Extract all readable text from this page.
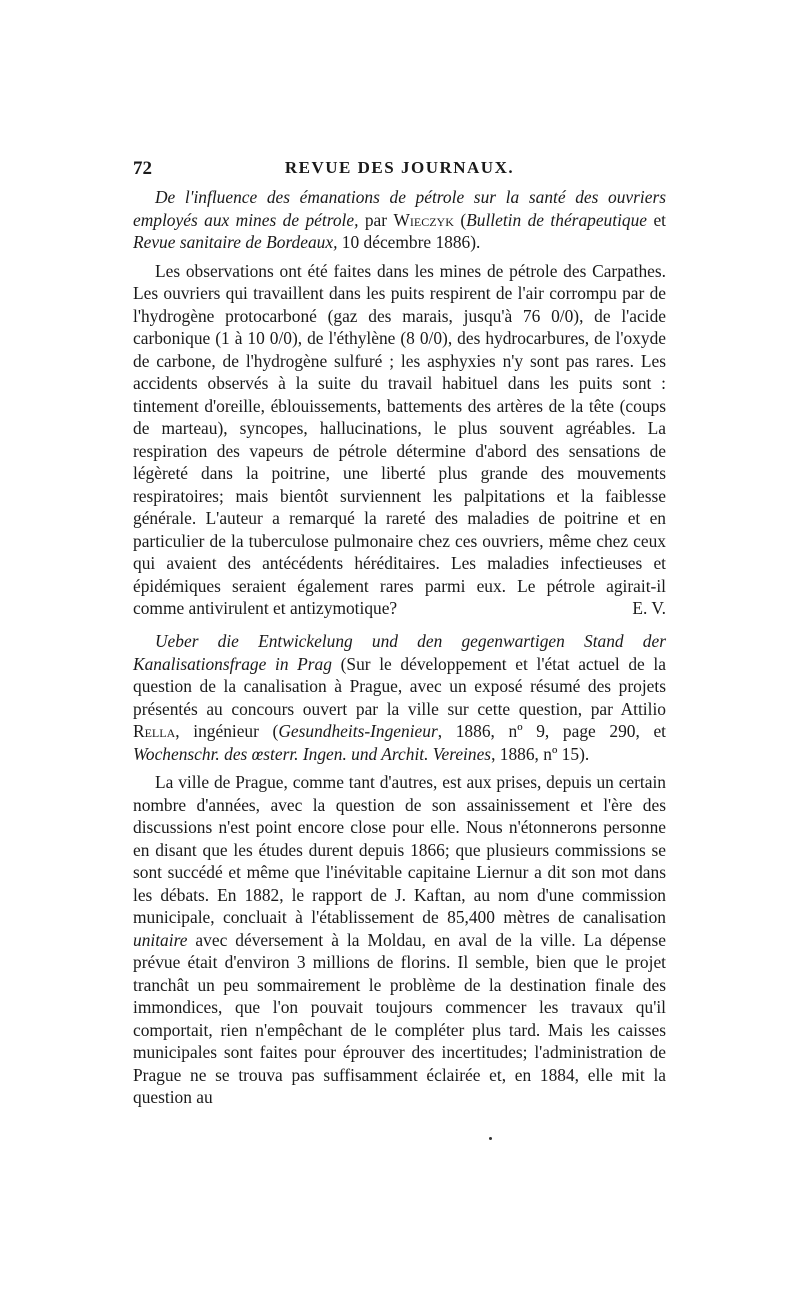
72	REVUE DES JOURNAUX.

De l'influence des émanations de pétrole sur la santé des ouvriers employés aux mines de pétrole, par Wieczyk (Bulletin de thérapeutique et Revue sanitaire de Bordeaux, 10 décembre 1886).

Les observations ont été faites dans les mines de pétrole des Carpathes. Les ouvriers qui travaillent dans les puits respirent de l'air corrompu par de l'hydrogène protocarboné (gaz des marais, jusqu'à 76 0/0), de l'acide carbonique (1 à 10 0/0), de l'éthylène (8 0/0), des hydrocarbures, de l'oxyde de carbone, de l'hydrogène sulfuré ; les asphyxies n'y sont pas rares. Les accidents observés à la suite du travail habituel dans les puits sont : tintement d'oreille, éblouissements, battements des artères de la tête (coups de marteau), syncopes, hallucinations, le plus souvent agréables. La respiration des vapeurs de pétrole détermine d'abord des sensations de légèreté dans la poitrine, une liberté plus grande des mouvements respiratoires; mais bientôt surviennent les palpitations et la faiblesse générale. L'auteur a remarqué la rareté des maladies de poitrine et en particulier de la tuberculose pulmonaire chez ces ouvriers, même chez ceux qui avaient des antécédents héréditaires. Les maladies infectieuses et épidémiques seraient également rares parmi eux. Le pétrole agirait-il comme antivirulent et antizymotique?	E. V.

Ueber die Entwickelung und den gegenwartigen Stand der Kanalisationsfrage in Prag (Sur le développement et l'état actuel de la question de la canalisation à Prague, avec un exposé résumé des projets présentés au concours ouvert par la ville sur cette question, par Attilio Rella, ingénieur (Gesundheits-Ingenieur, 1886, nº 9, page 290, et Wochenschr. des œsterr. Ingen. und Archit. Vereines, 1886, nº 15).

La ville de Prague, comme tant d'autres, est aux prises, depuis un certain nombre d'années, avec la question de son assainissement et l'ère des discussions n'est point encore close pour elle. Nous n'étonnerons personne en disant que les études durent depuis 1866; que plusieurs commissions se sont succédé et même que l'inévitable capitaine Liernur a dit son mot dans les débats. En 1882, le rapport de J. Kaftan, au nom d'une commission municipale, concluait à l'établissement de 85,400 mètres de canalisation unitaire avec déversement à la Moldau, en aval de la ville. La dépense prévue était d'environ 3 millions de florins. Il semble, bien que le projet tranchât un peu sommairement le problème de la destination finale des immondices, que l'on pouvait toujours commencer les travaux qu'il comportait, rien n'empêchant de le compléter plus tard. Mais les caisses municipales sont faites pour éprouver des incertitudes; l'administration de Prague ne se trouva pas suffisamment éclairée et, en 1884, elle mit la question au
